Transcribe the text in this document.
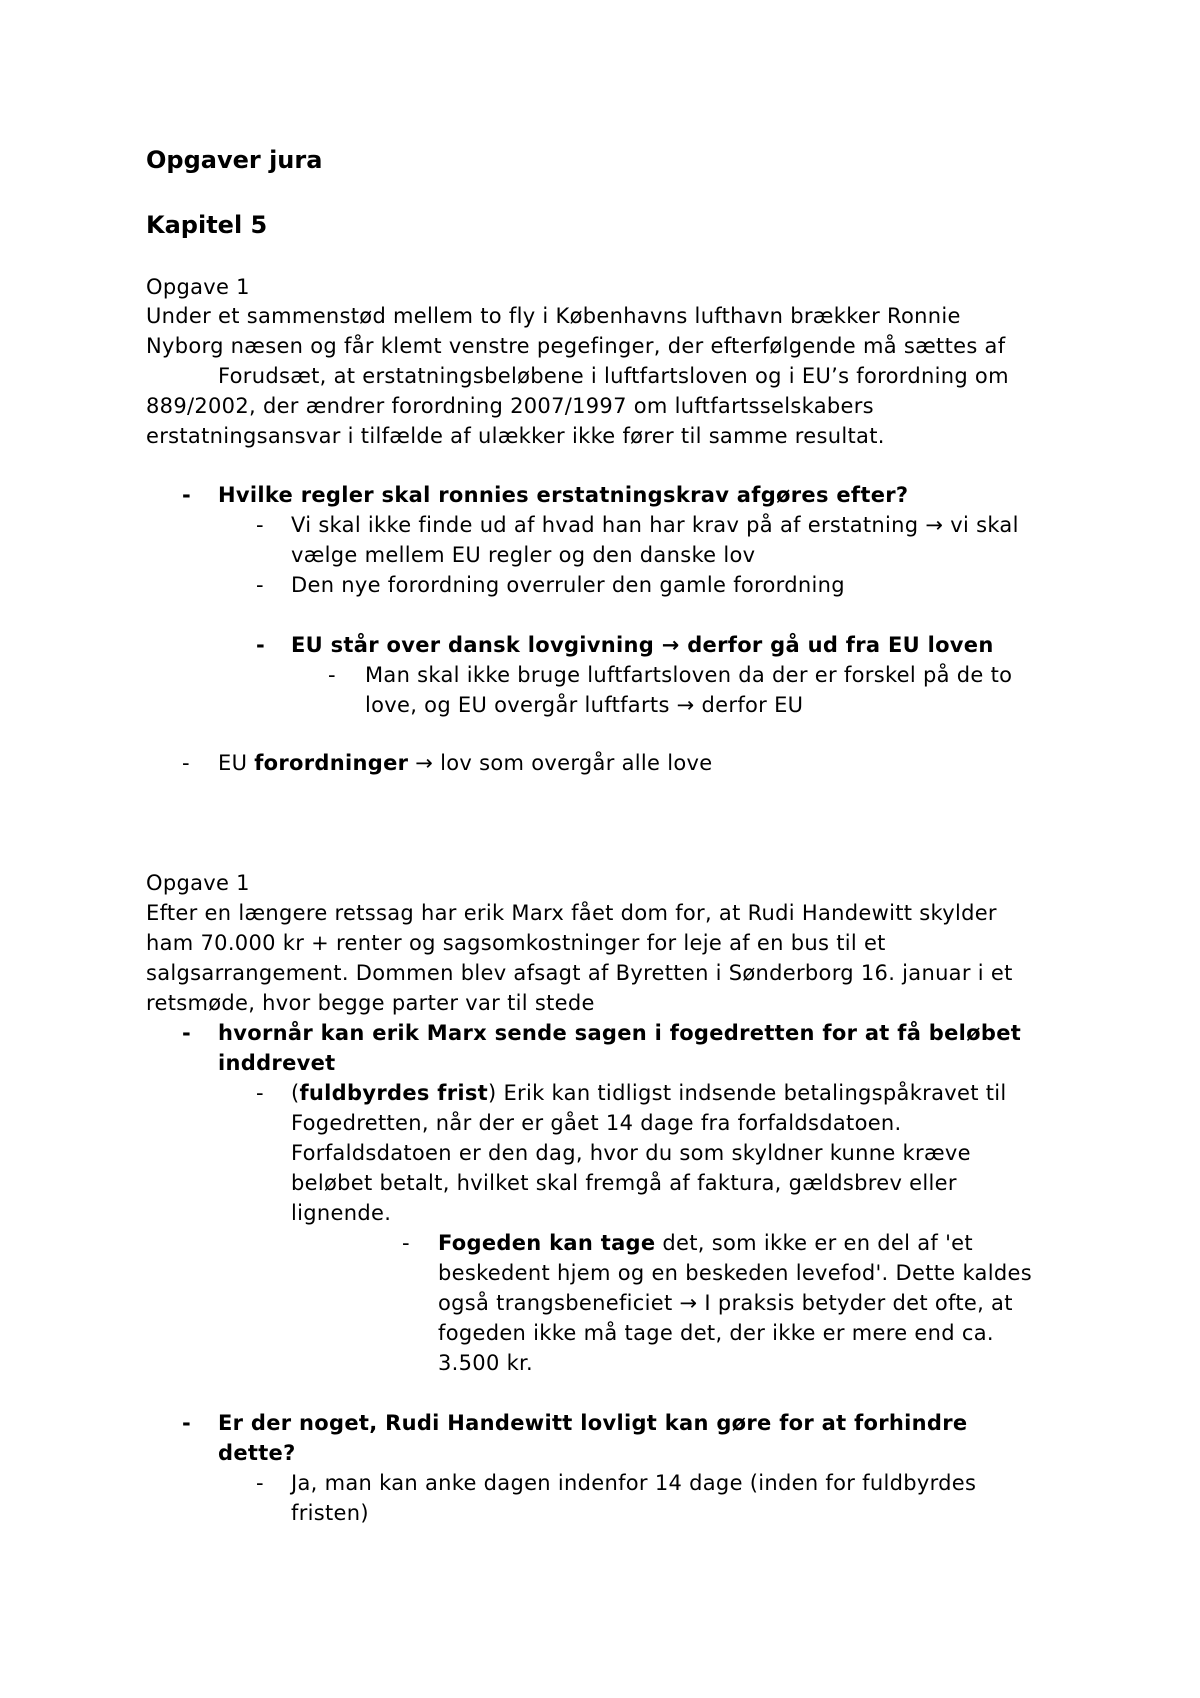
Opgaver jura
Kapitel 5
Opgave 1
Under et sammenstød mellem to fly i Københavns lufthavn brækker Ronnie
Nyborg næsen og får klemt venstre pegefinger, der efterfølgende må sættes af
Forudsæt, at erstatningsbeløbene i luftfartsloven og i EU’s forordning om
889/2002, der ændrer forordning 2007/1997 om luftfartsselskabers
erstatningsansvar i tilfælde af ulækker ikke fører til samme resultat.
- Hvilke regler skal ronnies erstatningskrav afgøres efter?
- Vi skal ikke finde ud af hvad han har krav på af erstatning → vi skal
vælge mellem EU regler og den danske lov
- Den nye forordning overruler den gamle forordning
- EU står over dansk lovgivning → derfor gå ud fra EU loven
- Man skal ikke bruge luftfartsloven da der er forskel på de to
love, og EU overgår luftfarts → derfor EU
- EU forordninger → lov som overgår alle love
Opgave 1
Efter en længere retssag har erik Marx fået dom for, at Rudi Handewitt skylder
ham 70.000 kr + renter og sagsomkostninger for leje af en bus til et
salgsarrangement. Dommen blev afsagt af Byretten i Sønderborg 16. januar i et
retsmøde, hvor begge parter var til stede
- hvornår kan erik Marx sende sagen i fogedretten for at få beløbet
inddrevet
- (fuldbyrdes frist) Erik kan tidligst indsende betalingspåkravet til
Fogedretten, når der er gået 14 dage fra forfaldsdatoen.
Forfaldsdatoen er den dag, hvor du som skyldner kunne kræve
beløbet betalt, hvilket skal fremgå af faktura, gældsbrev eller
lignende.
- Fogeden kan tage det, som ikke er en del af 'et
beskedent hjem og en beskeden levefod'. Dette kaldes
også trangsbeneficiet → I praksis betyder det ofte, at
fogeden ikke må tage det, der ikke er mere end ca.
3.500 kr.
- Er der noget, Rudi Handewitt lovligt kan gøre for at forhindre
dette?
- Ja, man kan anke dagen indenfor 14 dage (inden for fuldbyrdes
fristen)
